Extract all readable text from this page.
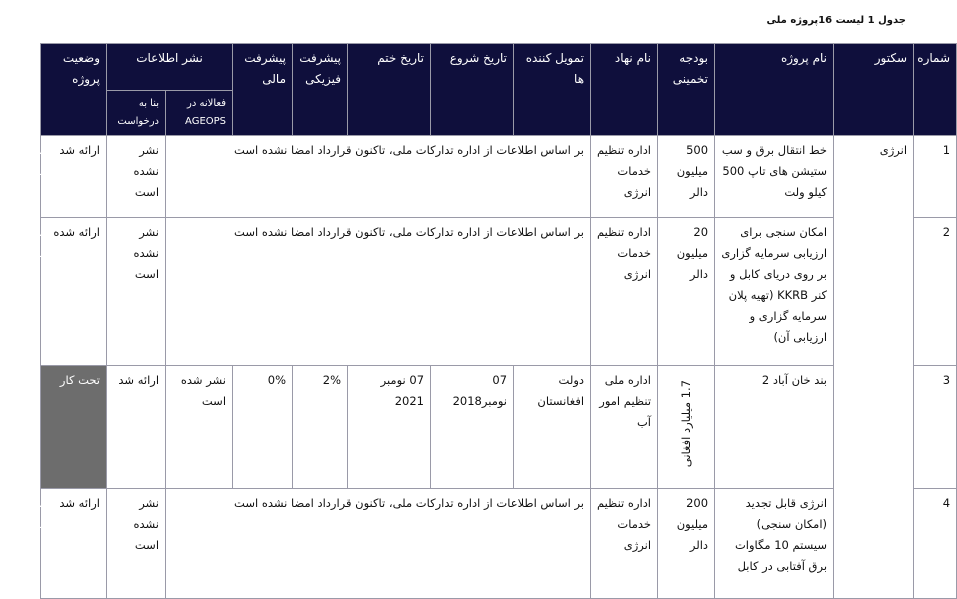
جدول 1 لیست 16پروژه ملی
شماره	سکتور	نام پروژه	بودجه تخمینی	نام نهاد	تمویل کننده ها	تاریخ شروع	تاریخ ختم	پیشرفت فیزیکی	پیشرفت مالی	نشر اطلاعات		وضعیت پروژه	
										فعالانه در AGEOPS	بنا به درخواست		
1	انرژی	خط انتقال برق و سب ستیشن های تاپ 500 کیلو ولت	500 میلیون دالر	اداره تنظیم خدمات انرژی	بر اساس اطلاعات از اداره تدارکات ملی، تاکنون قرارداد امضا نشده است						نشر نشده است	ارائه شد	شروع نشده
2		امکان سنجی برای ارزیابی سرمایه گزاری بر روی دریای کابل و کنر KKRB (تهیه پلان سرمایه گزاری و ارزیابی آن)	20 میلیون دالر	اداره تنظیم خدمات انرژی	بر اساس اطلاعات از اداره تدارکات ملی، تاکنون قرارداد امضا نشده است						نشر نشده است	ارائه شده	شروع نشده
3		بند خان آباد 2	1.7 میلیارد افغانی	اداره ملی تنظیم امور آب	دولت افغانستان	07 نومبر2018	07 نومبر 2021	2%	0%	نشر شده است	ارائه شد	تحت کار	
4		انرژی قابل تجدید (امکان سنجی) سیستم 10 مگاوات برق آفتابی در کابل	200 میلیون دالر	اداره تنظیم خدمات انرژی	بر اساس اطلاعات از اداره تدارکات ملی، تاکنون قرارداد امضا نشده است						نشر نشده است	ارائه شد	شروع نشده
